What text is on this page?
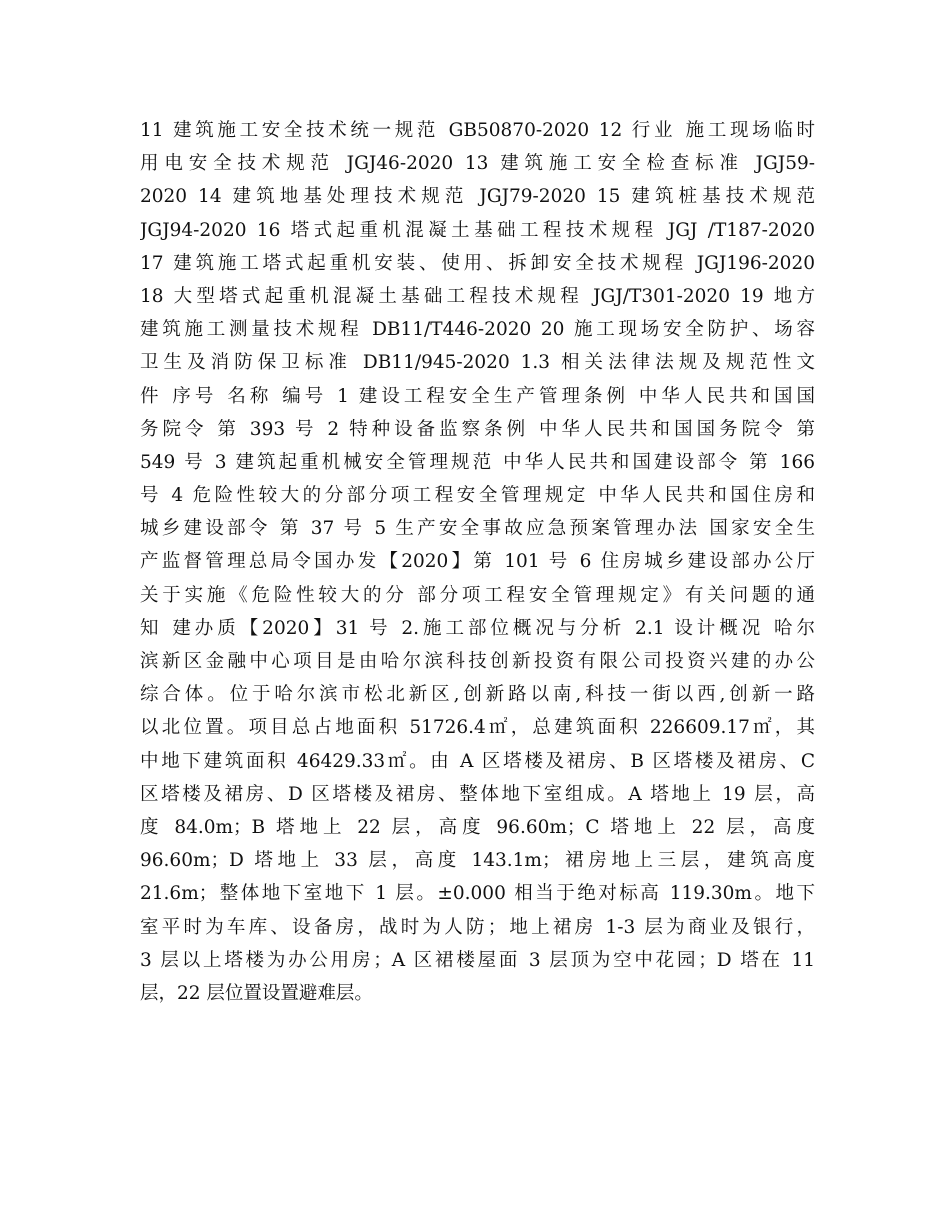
11 建筑施工安全技术统一规范 GB50870-2020 12 行业 施工现场临时
用电安全技术规范 JGJ46-2020 13 建筑施工安全检查标准 JGJ59-
2020 14 建筑地基处理技术规范 JGJ79-2020 15 建筑桩基技术规范
JGJ94-2020 16 塔式起重机混凝土基础工程技术规程 JGJ /T187-2020
17 建筑施工塔式起重机安装、使用、拆卸安全技术规程 JGJ196-2020
18 大型塔式起重机混凝土基础工程技术规程 JGJ/T301-2020 19 地方
建筑施工测量技术规程 DB11/T446-2020 20 施工现场安全防护、场容
卫生及消防保卫标准 DB11/945-2020 1.3 相关法律法规及规范性文
件 序号 名称 编号 1 建设工程安全生产管理条例 中华人民共和国国
务院令 第 393 号 2 特种设备监察条例 中华人民共和国国务院令 第
549 号 3 建筑起重机械安全管理规范 中华人民共和国建设部令 第 166
号 4 危险性较大的分部分项工程安全管理规定 中华人民共和国住房和
城乡建设部令 第 37 号 5 生产安全事故应急预案管理办法 国家安全生
产监督管理总局令国办发【2020】第 101 号 6 住房城乡建设部办公厅
关于实施《危险性较大的分 部分项工程安全管理规定》有关问题的通
知 建办质【2020】31 号 2.施工部位概况与分析 2.1 设计概况 哈尔
滨新区金融中心项目是由哈尔滨科技创新投资有限公司投资兴建的办公
综合体。位于哈尔滨市松北新区,创新路以南,科技一街以西,创新一路
以北位置。项目总占地面积 51726.4㎡，总建筑面积 226609.17㎡，其
中地下建筑面积 46429.33㎡。由 A 区塔楼及裙房、B 区塔楼及裙房、C
区塔楼及裙房、D 区塔楼及裙房、整体地下室组成。A 塔地上 19 层，高
度 84.0m；B 塔地上 22 层，高度 96.60m；C 塔地上 22 层，高度
96.60m；D 塔地上 33 层，高度 143.1m；裙房地上三层，建筑高度
21.6m；整体地下室地下 1 层。±0.000 相当于绝对标高 119.30m。地下
室平时为车库、设备房，战时为人防；地上裙房 1-3 层为商业及银行，
3 层以上塔楼为办公用房；A 区裙楼屋面 3 层顶为空中花园；D 塔在 11
层，22 层位置设置避难层。
